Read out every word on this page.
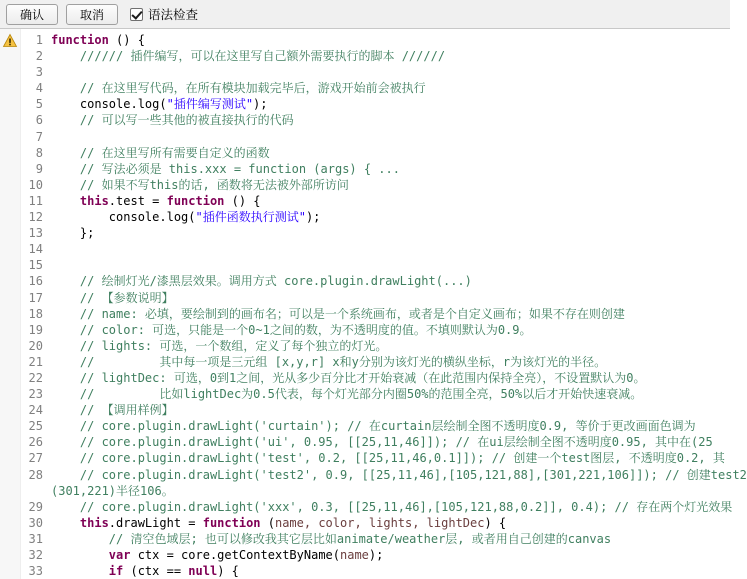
确认	取消	语法检查
1
2
3
4
5
6
7
8
9
10
11
12
13
14
15
16
17
18
19
20
21
22
23
24
25
26
27
28
29
30
31
32
33
function () {
////// 插件编写，可以在这里写自己额外需要执行的脚本 //////
// 在这里写代码，在所有模块加载完毕后，游戏开始前会被执行
console.log("插件编写测试");
// 可以写一些其他的被直接执行的代码
// 在这里写所有需要自定义的函数
// 写法必须是 this.xxx = function (args) { ...
// 如果不写this的话, 函数将无法被外部所访问
this.test = function () {
console.log("插件函数执行测试");
};
// 绘制灯光/漆黑层效果。调用方式 core.plugin.drawLight(...)
// 【参数说明】
// name: 必填，要绘制到的画布名；可以是一个系统画布，或者是个自定义画布；如果不存在则创建
// color: 可选，只能是一个0~1之间的数，为不透明度的值。不填则默认为0.9。
// lights: 可选，一个数组，定义了每个独立的灯光。
//         其中每一项是三元组 [x,y,r] x和y分别为该灯光的横纵坐标，r为该灯光的半径。
// lightDec: 可选，0到1之间，光从多少百分比才开始衰减（在此范围内保持全亮），不设置默认为0。
//         比如lightDec为0.5代表，每个灯光部分内圈50%的范围全亮，50%以后才开始快速衰减。
// 【调用样例】
// core.plugin.drawLight('curtain'); // 在curtain层绘制全图不透明度0.9, 等价于更改画面色调为
// core.plugin.drawLight('ui', 0.95, [[25,11,46]]); // 在ui层绘制全图不透明度0.95, 其中在(25
// core.plugin.drawLight('test', 0.2, [[25,11,46,0.1]]); // 创建一个test图层, 不透明度0.2, 其
// core.plugin.drawLight('test2', 0.9, [[25,11,46],[105,121,88],[301,221,106]]); // 创建test2
(301,221)半径106。
// core.plugin.drawLight('xxx', 0.3, [[25,11,46],[105,121,88,0.2]], 0.4); // 存在两个灯光效果
this.drawLight = function (name, color, lights, lightDec) {
// 清空色域层; 也可以修改我其它层比如animate/weather层, 或者用自己创建的canvas
var ctx = core.getContextByName(name);
if (ctx == null) {
